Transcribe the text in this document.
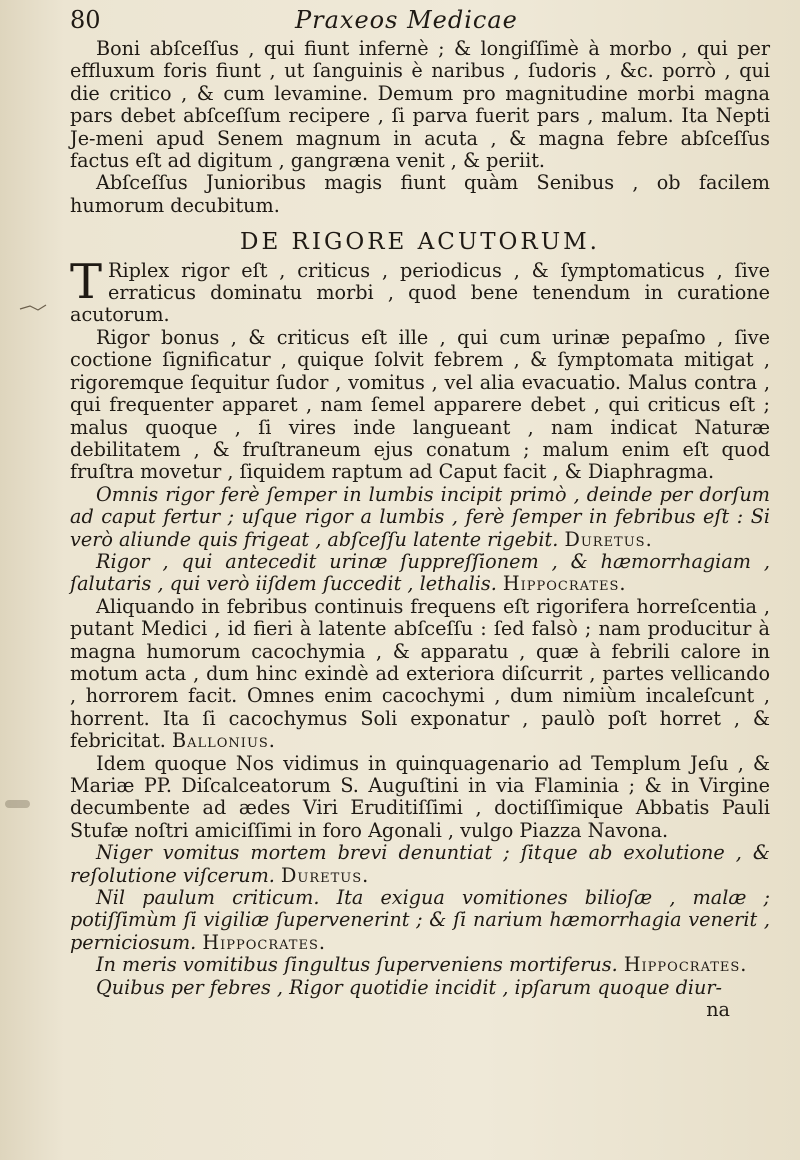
80	Praxeos Medicae

Boni abſceſſus , qui fiunt infernè ; & longiſſimè à morbo , qui per effluxum foris fiunt , ut ſanguinis è naribus , ſudoris , &c. porrò , qui die critico , & cum levamine. Demum pro magnitudine morbi magna pars debet abſceſſum recipere , ſi parva fuerit pars , malum. Ita Nepti Je-meni apud Senem magnum in acuta , & magna febre abſceſſus factus eſt ad digitum , gangræna venit , & periit.

Abſceſſus Junioribus magis fiunt quàm Senibus , ob facilem humorum decubitum.

DE RIGORE ACUTORUM.

T Riplex rigor eſt , criticus , periodicus , & ſymptomaticus , ſive erraticus dominatu morbi , quod bene tenendum in curatione acutorum.

Rigor bonus , & criticus eſt ille , qui cum urinæ pepaſmo , ſive coctione ſignificatur , quique ſolvit febrem , & ſymptomata mitigat , rigoremque ſequitur ſudor , vomitus , vel alia evacuatio. Malus contra , qui frequenter apparet , nam ſemel apparere debet , qui criticus eſt ; malus quoque , ſi vires inde langueant , nam indicat Naturæ debilitatem , & fruſtraneum ejus conatum ; malum enim eſt quod fruſtra movetur , ſiquidem raptum ad Caput facit , & Diaphragma.

Omnis rigor ferè ſemper in lumbis incipit primò , deinde per dorſum ad caput fertur ; uſque rigor a lumbis , ferè ſemper in febribus eſt : Si verò aliunde quis frigeat , abſceſſu latente rigebit. Duretus.

Rigor , qui antecedit urinæ ſuppreſſionem , & hæmorrhagiam , ſalutaris , qui verò iiſdem ſuccedit , lethalis. Hippocrates.

Aliquando in febribus continuis frequens eſt rigorifera horreſcentia , putant Medici , id fieri à latente abſceſſu : ſed falsò ; nam producitur à magna humorum cacochymia , & apparatu , quæ à febrili calore in motum acta , dum hinc exindè ad exteriora diſcurrit , partes vellicando , horrorem facit. Omnes enim cacochymi , dum nimiùm incaleſcunt , horrent. Ita ſi cacochymus Soli exponatur , paulò poſt horret , & febricitat. Ballonius.

Idem quoque Nos vidimus in quinquagenario ad Templum Jeſu , & Mariæ PP. Diſcalceatorum S. Auguſtini in via Flaminia ; & in Virgine decumbente ad ædes Viri Eruditiſſimi , doctiſſimique Abbatis Pauli Stufæ noſtri amiciſſimi in foro Agonali , vulgo Piazza Navona.

Niger vomitus mortem brevi denuntiat ; ſitque ab exolutione , & reſolutione viſcerum. Duretus.

Nil paulum criticum. Ita exigua vomitiones bilioſæ , malæ ; potiſſimùm ſi vigiliæ ſupervenerint ; & ſi narium hæmorrhagia venerit , perniciosum. Hippocrates.

In meris vomitibus ſingultus ſuperveniens mortiferus. Hippocrates.

Quibus per febres , Rigor quotidie incidit , ipſarum quoque diur-

na
